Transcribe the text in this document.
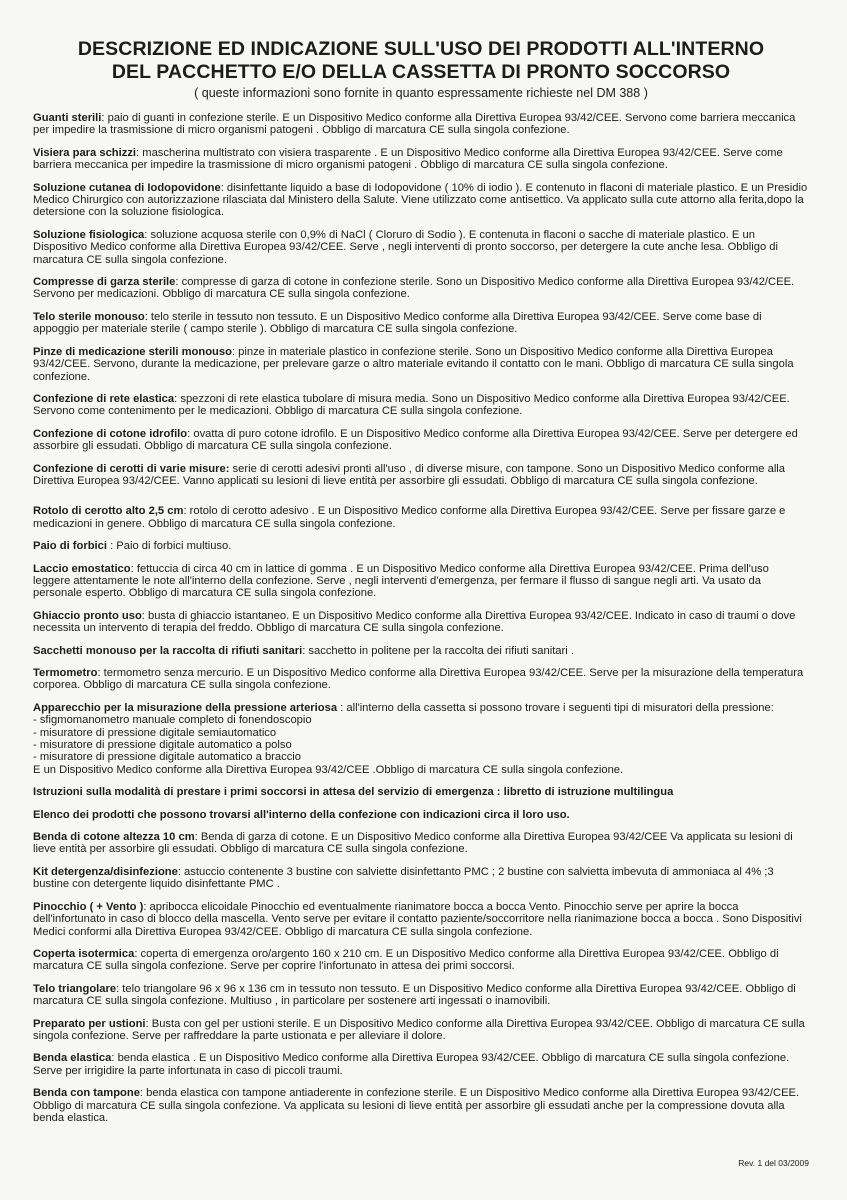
DESCRIZIONE ED INDICAZIONE SULL'USO DEI PRODOTTI ALL'INTERNO
DEL PACCHETTO E/O DELLA CASSETTA DI PRONTO SOCCORSO
( queste informazioni sono fornite in quanto espressamente richieste nel DM 388 )

Guanti sterili: paio di guanti in confezione sterile. E un Dispositivo Medico conforme alla Direttiva Europea 93/42/CEE. Servono come barriera meccanica per impedire la trasmissione di micro organismi patogeni . Obbligo di marcatura CE sulla singola confezione.

Visiera para schizzi: mascherina multistrato con visiera trasparente . E un Dispositivo Medico conforme alla Direttiva Europea 93/42/CEE. Serve come barriera meccanica per impedire la trasmissione di micro organismi patogeni . Obbligo di marcatura CE sulla singola confezione.

Soluzione cutanea di Iodopovidone: disinfettante liquido a base di Iodopovidone ( 10% di iodio ). E contenuto in flaconi di materiale plastico. E un Presidio Medico Chirurgico con autorizzazione rilasciata dal Ministero della Salute. Viene utilizzato come antisettico. Va applicato sulla cute attorno alla ferita,dopo la detersione con la soluzione fisiologica.

Soluzione fisiologica: soluzione acquosa sterile con 0,9% di NaCl ( Cloruro di Sodio ). E contenuta in flaconi o sacche di materiale plastico. E un Dispositivo Medico conforme alla Direttiva Europea 93/42/CEE. Serve , negli interventi di pronto soccorso, per detergere la cute anche lesa. Obbligo di marcatura CE sulla singola confezione.

Compresse di garza sterile: compresse di garza di cotone in confezione sterile. Sono un Dispositivo Medico conforme alla Direttiva Europea 93/42/CEE. Servono per medicazioni. Obbligo di marcatura CE sulla singola confezione.

Telo sterile monouso: telo sterile in tessuto non tessuto. E un Dispositivo Medico conforme alla Direttiva Europea 93/42/CEE. Serve come base di appoggio per materiale sterile ( campo sterile ). Obbligo di marcatura CE sulla singola confezione.

Pinze di medicazione sterili monouso: pinze in materiale plastico in confezione sterile. Sono un Dispositivo Medico conforme alla Direttiva Europea 93/42/CEE. Servono, durante la medicazione, per prelevare garze o altro materiale evitando il contatto con le mani. Obbligo di marcatura CE sulla singola confezione.

Confezione di rete elastica: spezzoni di rete elastica tubolare di misura media. Sono un Dispositivo Medico conforme alla Direttiva Europea 93/42/CEE. Servono come contenimento per le medicazioni. Obbligo di marcatura CE sulla singola confezione.

Confezione di cotone idrofilo: ovatta di puro cotone idrofilo. E un Dispositivo Medico conforme alla Direttiva Europea 93/42/CEE. Serve per detergere ed assorbire gli essudati. Obbligo di marcatura CE sulla singola confezione.

Confezione di cerotti di varie misure: serie di cerotti adesivi pronti all'uso , di diverse misure, con tampone. Sono un Dispositivo Medico conforme alla Direttiva Europea 93/42/CEE. Vanno applicati su lesioni di lieve entità per assorbire gli essudati. Obbligo di marcatura CE sulla singola confezione.

Rotolo di cerotto alto 2,5 cm: rotolo di cerotto adesivo . E un Dispositivo Medico conforme alla Direttiva Europea 93/42/CEE. Serve per fissare garze e medicazioni in genere. Obbligo di marcatura CE sulla singola confezione.

Paio di forbici : Paio di forbici multiuso.

Laccio emostatico: fettuccia di circa 40 cm in lattice di gomma . E un Dispositivo Medico conforme alla Direttiva Europea 93/42/CEE. Prima dell'uso leggere attentamente le note all'interno della confezione. Serve , negli interventi d'emergenza, per fermare il flusso di sangue negli arti. Va usato da personale esperto. Obbligo di marcatura CE sulla singola confezione.

Ghiaccio pronto uso: busta di ghiaccio istantaneo. E un Dispositivo Medico conforme alla Direttiva Europea 93/42/CEE. Indicato in caso di traumi o dove necessita un intervento di terapia del freddo. Obbligo di marcatura CE sulla singola confezione.

Sacchetti monouso per la raccolta di rifiuti sanitari: sacchetto in politene per la raccolta dei rifiuti sanitari .

Termometro: termometro senza mercurio. E un Dispositivo Medico conforme alla Direttiva Europea 93/42/CEE. Serve per la misurazione della temperatura corporea. Obbligo di marcatura CE sulla singola confezione.

Apparecchio per la misurazione della pressione arteriosa : all'interno della cassetta si possono trovare i seguenti tipi di misuratori della pressione:
- sfigmomanometro manuale completo di fonendoscopio
- misuratore di pressione digitale semiautomatico
- misuratore di pressione digitale automatico a polso
- misuratore di pressione digitale automatico a braccio
E un Dispositivo Medico conforme alla Direttiva Europea 93/42/CEE .Obbligo di marcatura CE sulla singola confezione.

Istruzioni sulla modalità di prestare i primi soccorsi in attesa del servizio di emergenza : libretto di istruzione multilingua

Elenco dei prodotti che possono trovarsi all'interno della confezione con indicazioni circa il loro uso.

Benda di cotone altezza 10 cm: Benda di garza di cotone. E un Dispositivo Medico conforme alla Direttiva Europea 93/42/CEE Va applicata su lesioni di lieve entità per assorbire gli essudati. Obbligo di marcatura CE sulla singola confezione.

Kit detergenza/disinfezione: astuccio contenente 3 bustine con salviette disinfettanto PMC ; 2 bustine con salvietta imbevuta di ammoniaca al 4% ;3 bustine con detergente liquido disinfettante PMC .

Pinocchio ( + Vento ): apribocca elicoidale Pinocchio ed eventualmente rianimatore bocca a bocca Vento. Pinocchio serve per aprire la bocca dell'infortunato in caso di blocco della mascella. Vento serve per evitare il contatto paziente/soccorritore nella rianimazione bocca a bocca . Sono Dispositivi Medici conformi alla Direttiva Europea 93/42/CEE. Obbligo di marcatura CE sulla singola confezione.

Coperta isotermica: coperta di emergenza oro/argento 160 x 210 cm. E un Dispositivo Medico conforme alla Direttiva Europea 93/42/CEE. Obbligo di marcatura CE sulla singola confezione. Serve per coprire l'infortunato in attesa dei primi soccorsi.

Telo triangolare: telo triangolare 96 x 96 x 136 cm in tessuto non tessuto. E un Dispositivo Medico conforme alla Direttiva Europea 93/42/CEE. Obbligo di marcatura CE sulla singola confezione. Multiuso , in particolare per sostenere arti ingessati o inamovibili.

Preparato per ustioni: Busta con gel per ustioni sterile. E un Dispositivo Medico conforme alla Direttiva Europea 93/42/CEE. Obbligo di marcatura CE sulla singola confezione. Serve per raffreddare la parte ustionata e per alleviare il dolore.

Benda elastica: benda elastica . E un Dispositivo Medico conforme alla Direttiva Europea 93/42/CEE. Obbligo di marcatura CE sulla singola confezione. Serve per irrigidire la parte infortunata in caso di piccoli traumi.

Benda con tampone: benda elastica con tampone antiaderente in confezione sterile. E un Dispositivo Medico conforme alla Direttiva Europea 93/42/CEE. Obbligo di marcatura CE sulla singola confezione. Va applicata su lesioni di lieve entità per assorbire gli essudati anche per la compressione dovuta alla benda elastica.

Rev. 1 del 03/2009
